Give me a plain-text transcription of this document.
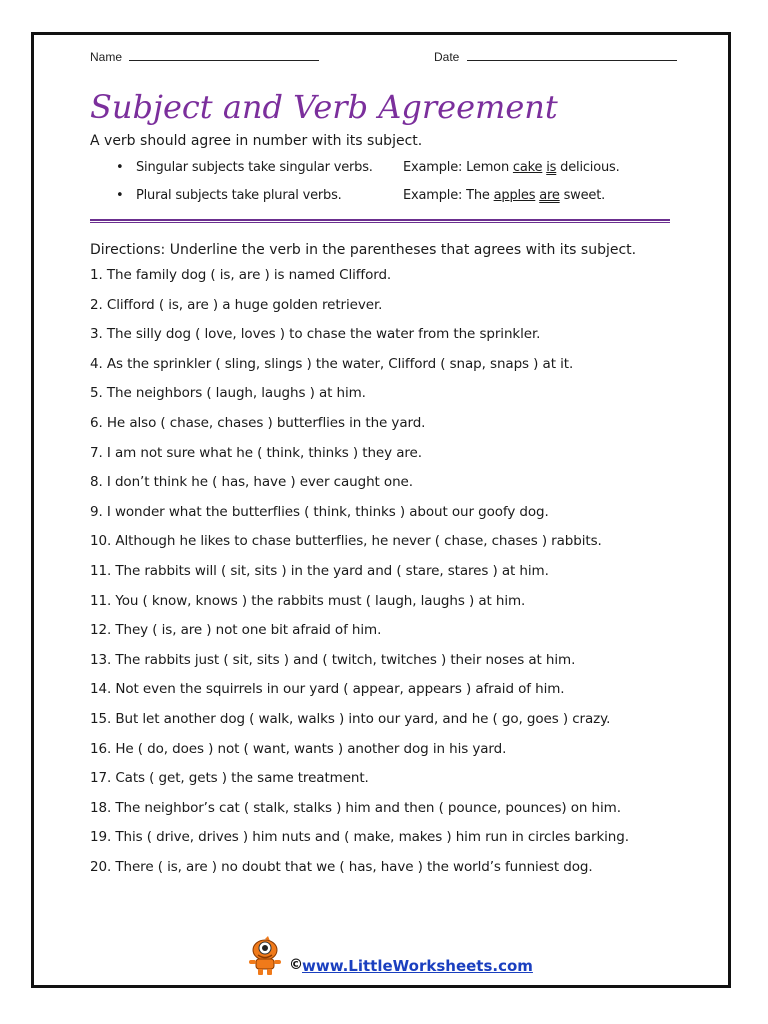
Name	Date
Subject and Verb Agreement
A verb should agree in number with its subject.
• Singular subjects take singular verbs. Example: Lemon cake is delicious.
• Plural subjects take plural verbs.	Example: The apples are sweet.
Directions: Underline the verb in the parentheses that agrees with its subject.
1. The family dog ( is, are ) is named Clifford.
2. Clifford ( is, are ) a huge golden retriever.
3. The silly dog ( love, loves ) to chase the water from the sprinkler.
4. As the sprinkler ( sling, slings ) the water, Clifford ( snap, snaps ) at it.
5. The neighbors ( laugh, laughs ) at him.
6. He also ( chase, chases ) butterflies in the yard.
7. I am not sure what he ( think, thinks ) they are.
8. I don’t think he ( has, have ) ever caught one.
9. I wonder what the butterflies ( think, thinks ) about our goofy dog.
10. Although he likes to chase butterflies, he never ( chase, chases ) rabbits.
11. The rabbits will ( sit, sits ) in the yard and ( stare, stares ) at him.
11. You ( know, knows ) the rabbits must ( laugh, laughs ) at him.
12. They ( is, are ) not one bit afraid of him.
13. The rabbits just ( sit, sits ) and ( twitch, twitches ) their noses at him.
14. Not even the squirrels in our yard ( appear, appears ) afraid of him.
15. But let another dog ( walk, walks ) into our yard, and he ( go, goes ) crazy.
16. He ( do, does ) not ( want, wants ) another dog in his yard.
17. Cats ( get, gets ) the same treatment.
18. The neighbor’s cat ( stalk, stalks ) him and then ( pounce, pounces) on him.
19. This ( drive, drives ) him nuts and ( make, makes ) him run in circles barking.
20. There ( is, are ) no doubt that we ( has, have ) the world’s funniest dog.
© www.LittleWorksheets.com
